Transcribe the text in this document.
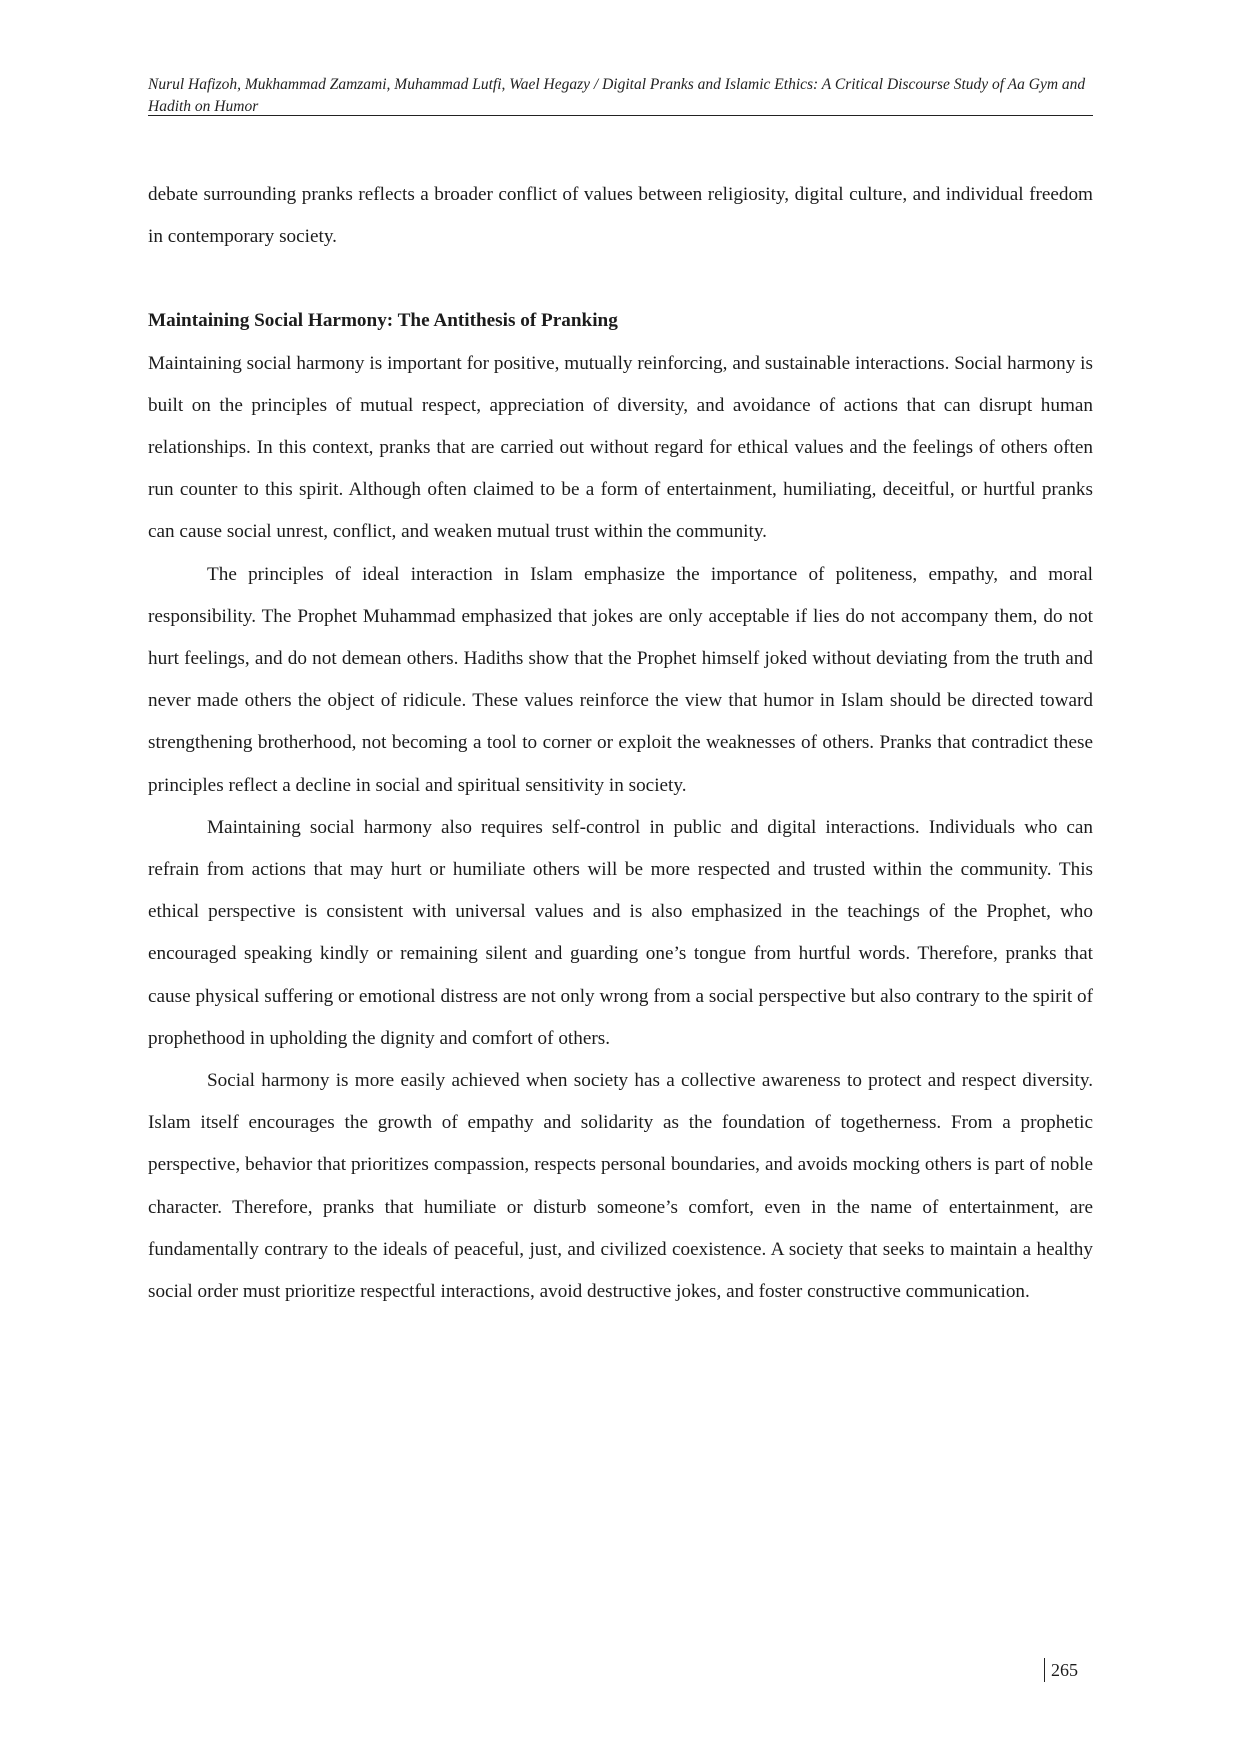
Nurul Hafizoh, Mukhammad Zamzami, Muhammad Lutfi, Wael Hegazy / Digital Pranks and Islamic Ethics: A Critical Discourse Study of Aa Gym and Hadith on Humor

debate surrounding pranks reflects a broader conflict of values between religiosity, digital culture, and individual freedom in contemporary society.

Maintaining Social Harmony: The Antithesis of Pranking

Maintaining social harmony is important for positive, mutually reinforcing, and sustainable interactions. Social harmony is built on the principles of mutual respect, appreciation of diversity, and avoidance of actions that can disrupt human relationships. In this context, pranks that are carried out without regard for ethical values and the feelings of others often run counter to this spirit. Although often claimed to be a form of entertainment, humiliating, deceitful, or hurtful pranks can cause social unrest, conflict, and weaken mutual trust within the community.

The principles of ideal interaction in Islam emphasize the importance of politeness, empathy, and moral responsibility. The Prophet Muhammad emphasized that jokes are only acceptable if lies do not accompany them, do not hurt feelings, and do not demean others. Hadiths show that the Prophet himself joked without deviating from the truth and never made others the object of ridicule. These values reinforce the view that humor in Islam should be directed toward strengthening brotherhood, not becoming a tool to corner or exploit the weaknesses of others. Pranks that contradict these principles reflect a decline in social and spiritual sensitivity in society.

Maintaining social harmony also requires self-control in public and digital interactions. Individuals who can refrain from actions that may hurt or humiliate others will be more respected and trusted within the community. This ethical perspective is consistent with universal values and is also emphasized in the teachings of the Prophet, who encouraged speaking kindly or remaining silent and guarding one’s tongue from hurtful words. Therefore, pranks that cause physical suffering or emotional distress are not only wrong from a social perspective but also contrary to the spirit of prophethood in upholding the dignity and comfort of others.

Social harmony is more easily achieved when society has a collective awareness to protect and respect diversity. Islam itself encourages the growth of empathy and solidarity as the foundation of togetherness. From a prophetic perspective, behavior that prioritizes compassion, respects personal boundaries, and avoids mocking others is part of noble character. Therefore, pranks that humiliate or disturb someone’s comfort, even in the name of entertainment, are fundamentally contrary to the ideals of peaceful, just, and civilized coexistence. A society that seeks to maintain a healthy social order must prioritize respectful interactions, avoid destructive jokes, and foster constructive communication.

265
